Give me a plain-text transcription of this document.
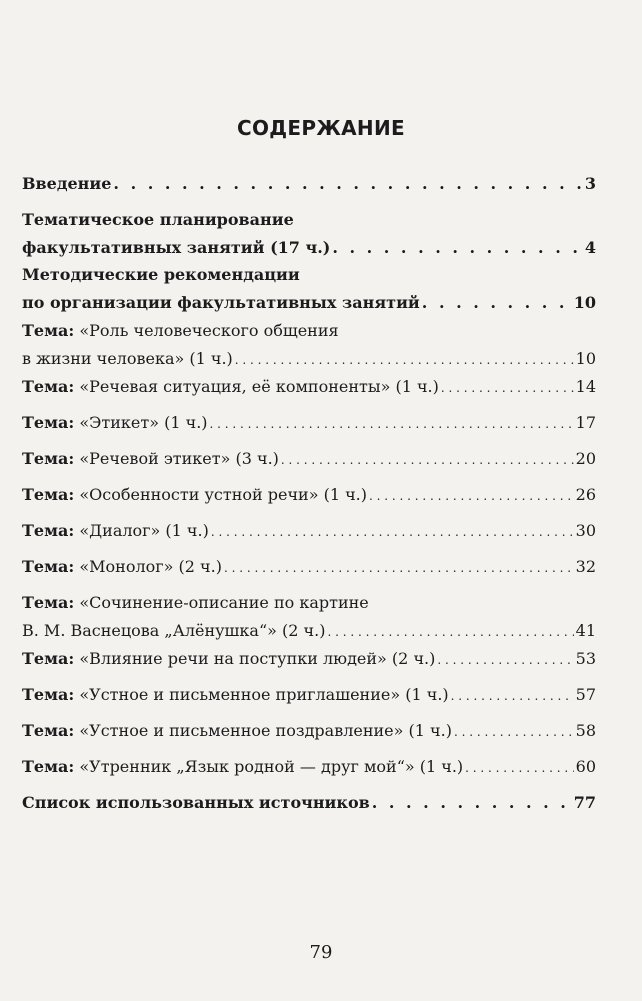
СОДЕРЖАНИЕ
Введение . . .	3
Тематическое планирование
факультативных занятий (17 ч.) . . .	4
Методические рекомендации
по организации факультативных занятий . . .	10
Тема:
«Роль человеческого общения
в жизни человека» (1 ч.) . . .	10
Тема:
«Речевая ситуация, её компоненты» (1 ч.) . . .	14
Тема:
«Этикет» (1 ч.) . . .	17
Тема:
«Речевой этикет» (3 ч.) . . .	20
Тема:
«Особенности устной речи» (1 ч.) . . .	26
Тема:
«Диалог» (1 ч.) . . .	30
Тема:
«Монолог» (2 ч.) . . .	32
Тема:
«Сочинение-описание по картине
В. М. Васнецова „Алёнушка“» (2 ч.) . . .	41
Тема:
«Влияние речи на поступки людей» (2 ч.) . . .	53
Тема:
«Устное и письменное приглашение» (1 ч.) . . .	57
Тема:
«Устное и письменное поздравление» (1 ч.) . . .	58
Тема:
«Утренник „Язык родной — друг мой“» (1 ч.) . . .	60
Список использованных источников . . .	77
79
